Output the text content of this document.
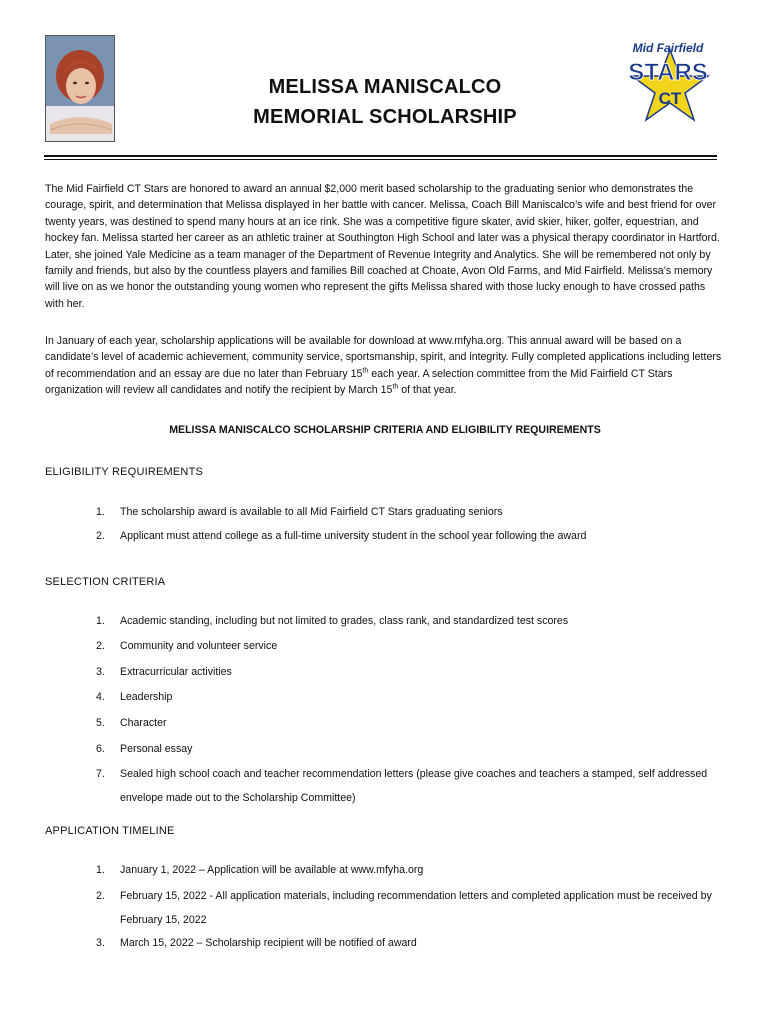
MELISSA MANISCALCO
MEMORIAL SCHOLARSHIP
Mid Fairfield
STARS
CT

The Mid Fairfield CT Stars are honored to award an annual $2,000 merit based scholarship to the graduating senior who demonstrates the courage, spirit, and determination that Melissa displayed in her battle with cancer. Melissa, Coach Bill Maniscalco’s wife and best friend for over twenty years, was destined to spend many hours at an ice rink. She was a competitive figure skater, avid skier, hiker, golfer, equestrian, and hockey fan. Melissa started her career as an athletic trainer at Southington High School and later was a physical therapy coordinator in Hartford. Later, she joined Yale Medicine as a team manager of the Department of Revenue Integrity and Analytics. She will be remembered not only by family and friends, but also by the countless players and families Bill coached at Choate, Avon Old Farms, and Mid Fairfield. Melissa’s memory will live on as we honor the outstanding young women who represent the gifts Melissa shared with those lucky enough to have crossed paths with her.

In January of each year, scholarship applications will be available for download at www.mfyha.org. This annual award will be based on a candidate’s level of academic achievement, community service, sportsmanship, spirit, and integrity. Fully completed applications including letters of recommendation and an essay are due no later than February 15th each year. A selection committee from the Mid Fairfield CT Stars organization will review all candidates and notify the recipient by March 15th of that year.

MELISSA MANISCALCO SCHOLARSHIP CRITERIA AND ELIGIBILITY REQUIREMENTS
ELIGIBILITY REQUIREMENTS
1.	The scholarship award is available to all Mid Fairfield CT Stars graduating seniors
2.	Applicant must attend college as a full-time university student in the school year following the award
SELECTION CRITERIA
1.	Academic standing, including but not limited to grades, class rank, and standardized test scores
2.	Community and volunteer service
3.	Extracurricular activities
4.	Leadership
5.	Character
6.	Personal essay
7.	Sealed high school coach and teacher recommendation letters (please give coaches and teachers a stamped, self addressed envelope made out to the Scholarship Committee)
APPLICATION TIMELINE
1.	January 1, 2022 – Application will be available at www.mfyha.org
2.	February 15, 2022 - All application materials, including recommendation letters and completed application must be received by February 15, 2022
3.	March 15, 2022 – Scholarship recipient will be notified of award
